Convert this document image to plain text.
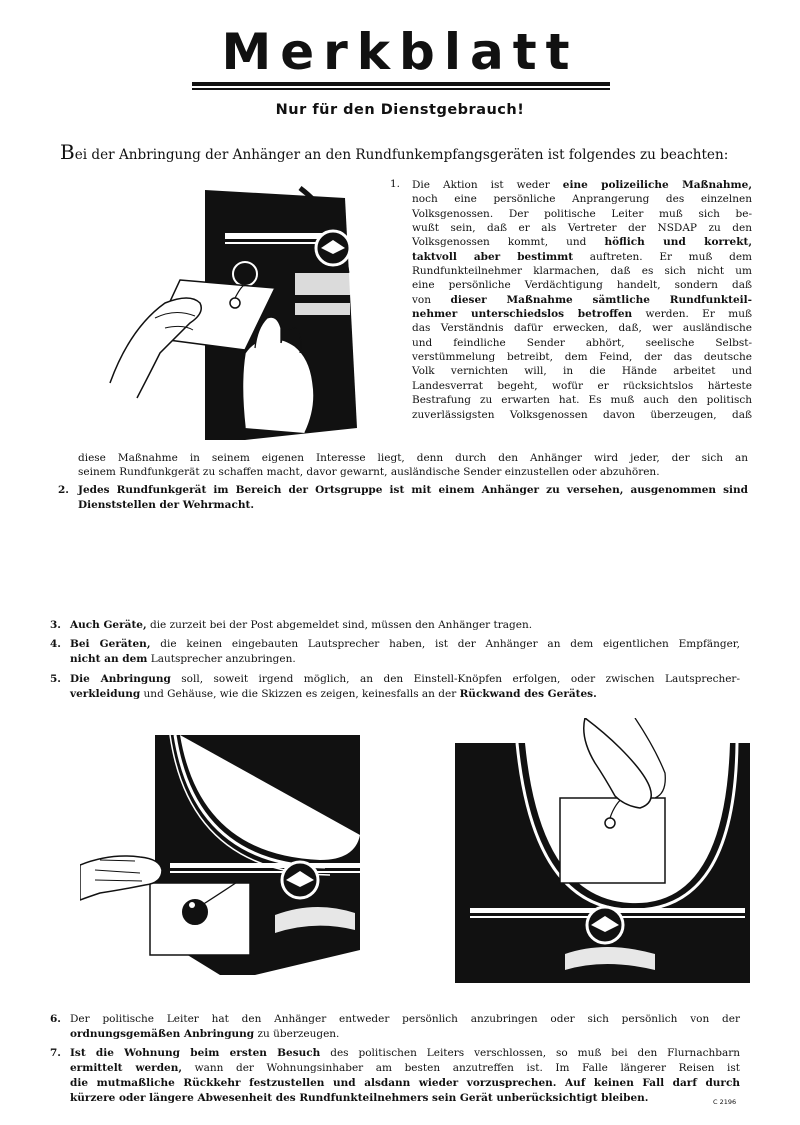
Merkblatt
Nur für den Dienstgebrauch!
Bei der Anbringung der Anhänger an den Rundfunkempfangsgeräten ist folgendes zu beachten:
1. Die Aktion ist weder eine polizeiliche Maßnahme,

noch eine persönliche Anprangerung des einzelnen

Volksgenossen. Der politische Leiter muß sich be-

wußt sein, daß er als Vertreter der NSDAP zu den

Volksgenossen kommt, und höflich und korrekt,

taktvoll aber bestimmt auftreten. Er muß dem

Rundfunkteilnehmer klarmachen, daß es sich nicht um

eine persönliche Verdächtigung handelt, sondern daß

von dieser Maßnahme sämtliche Rundfunkteil-

nehmer unterschiedslos betroffen werden. Er muß

das Verständnis dafür erwecken, daß, wer ausländische

und feindliche Sender abhört, seelische Selbst-

verstümmelung betreibt, dem Feind, der das deutsche

Volk vernichten will, in die Hände arbeitet und

Landesverrat begeht, wofür er rücksichtslos härteste

Bestrafung zu erwarten hat. Es muß auch den politisch

zuverlässigsten Volksgenossen davon überzeugen, daß

diese Maßnahme in seinem eigenen Interesse liegt, denn durch den Anhänger wird jeder, der sich an

seinem Rundfunkgerät zu schaffen macht, davor gewarnt, ausländische Sender einzustellen oder abzuhören.

2. Jedes Rundfunkgerät im Bereich der Ortsgruppe ist mit einem Anhänger zu versehen, ausgenommen sind

Dienststellen der Wehrmacht.

3. Auch Geräte, die zurzeit bei der Post abgemeldet sind, müssen den Anhänger tragen.

4. Bei Geräten, die keinen eingebauten Lautsprecher haben, ist der Anhänger an dem eigentlichen Empfänger,

nicht an dem Lautsprecher anzubringen.

5. Die Anbringung soll, soweit irgend möglich, an den Einstell-Knöpfen erfolgen, oder zwischen Lautsprecher-

verkleidung und Gehäuse, wie die Skizzen es zeigen, keinesfalls an der Rückwand des Gerätes.

6. Der politische Leiter hat den Anhänger entweder persönlich anzubringen oder sich persönlich von der

ordnungsgemäßen Anbringung zu überzeugen.

7. Ist die Wohnung beim ersten Besuch des politischen Leiters verschlossen, so muß bei den Flurnachbarn

ermittelt werden, wann der Wohnungsinhaber am besten anzutreffen ist. Im Falle längerer Reisen ist

die mutmaßliche Rückkehr festzustellen und alsdann wieder vorzusprechen. Auf keinen Fall darf durch

kürzere oder längere Abwesenheit des Rundfunkteilnehmers sein Gerät unberücksichtigt bleiben.	C 2196
